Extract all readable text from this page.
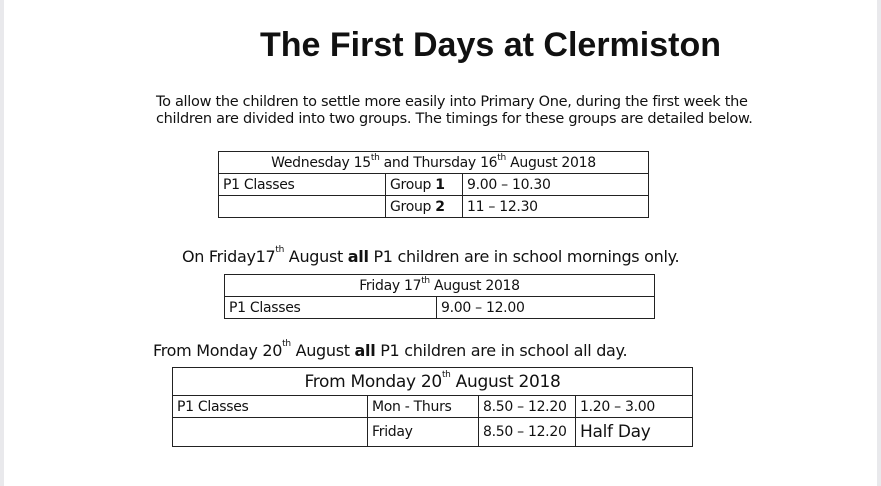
The First Days at Clermiston
To allow the children to settle more easily into Primary One, during the first week the children are divided into two groups. The timings for these groups are detailed below.
Wednesday 15th and Thursday 16th August 2018		
P1 Classes	Group 1	9.00 – 10.30
	Group 2	11 – 12.30
On Friday17th August all P1 children are in school mornings only.
Friday 17th August 2018
P1 Classes	9.00 – 12.00
From Monday 20th August all P1 children are in school all day.
From Monday 20th August 2018			
P1 Classes	Mon - Thurs	8.50 – 12.20	1.20 – 3.00
	Friday	8.50 – 12.20	Half Day
